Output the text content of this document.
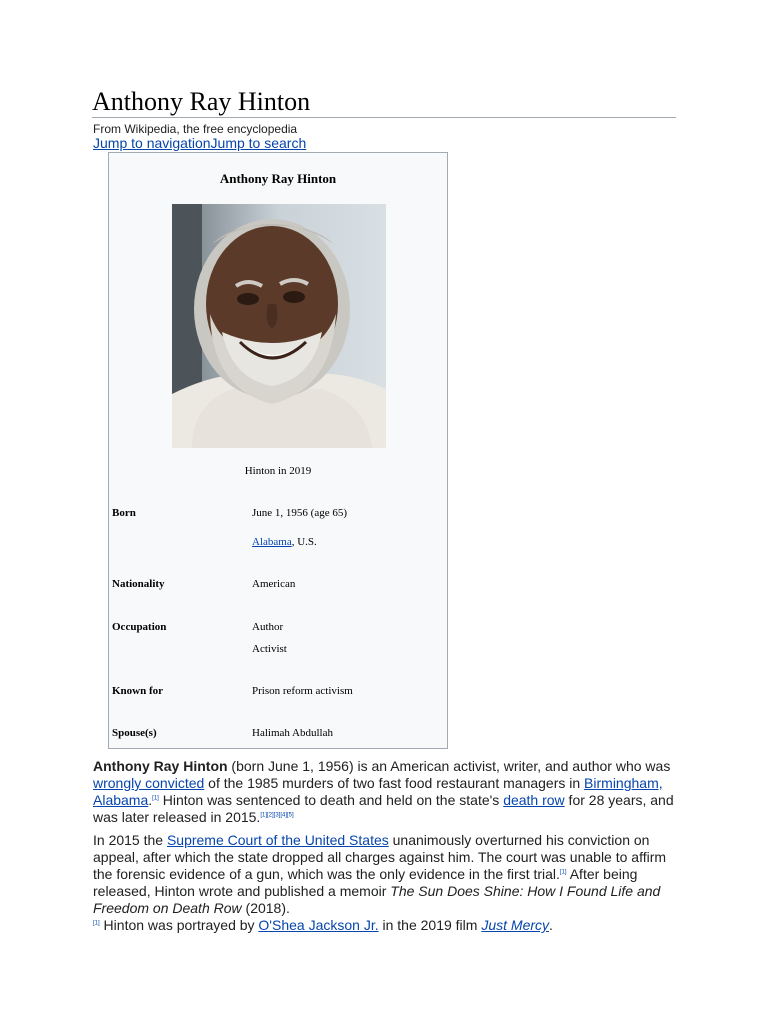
Anthony Ray Hinton
From Wikipedia, the free encyclopedia
Jump to navigationJump to search
Anthony Ray Hinton
Hinton in 2019
Born	June 1, 1956 (age 65)
Alabama, U.S.
Nationality	American
Occupation	Author
Activist
Known for	Prison reform activism
Spouse(s)	Halimah Abdullah

Anthony Ray Hinton (born June 1, 1956) is an American activist, writer, and author who was wrongly convicted of the 1985 murders of two fast food restaurant managers in Birmingham, Alabama.[1] Hinton was sentenced to death and held on the state's death row for 28 years, and was later released in 2015.[1][2][3][4][5]

In 2015 the Supreme Court of the United States unanimously overturned his conviction on appeal, after which the state dropped all charges against him. The court was unable to affirm the forensic evidence of a gun, which was the only evidence in the first trial.[1] After being released, Hinton wrote and published a memoir The Sun Does Shine: How I Found Life and Freedom on Death Row (2018).
[1] Hinton was portrayed by O'Shea Jackson Jr. in the 2019 film Just Mercy.
